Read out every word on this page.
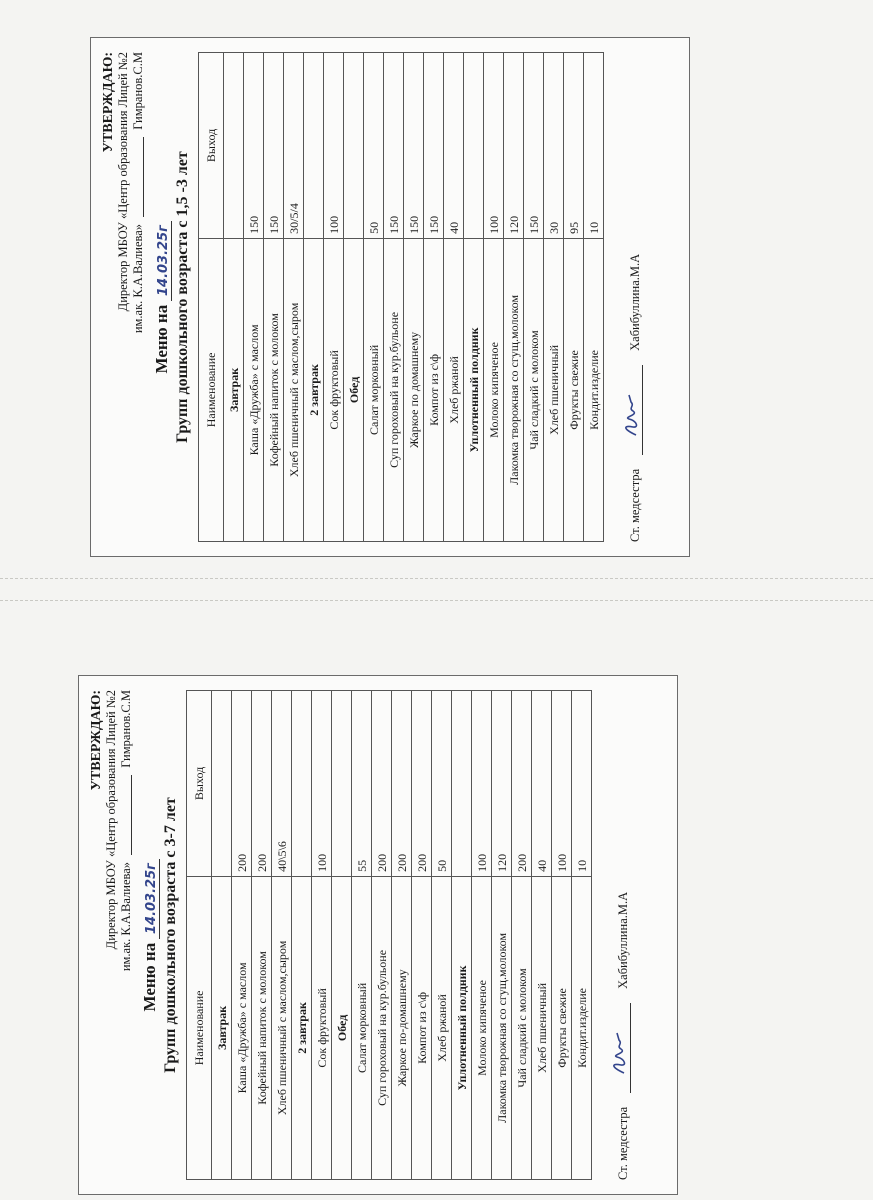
УТВЕРЖДАЮ: Директор МБОУ «Центр образования Лицей №2 им.ак. К.А.Валиева»  Гимранов.С.М
Меню на 14.03.25г Групп дошкольного возраста с 1,5 -3 лет Наименование	Выход
Завтрак	
Каша «Дружба» с маслом	150
Кофейный напиток с молоком	150
Хлеб пшеничный с маслом,сыром	30/5/4
2 завтрак	
Сок фруктовый	100
Обед	
Салат морковный	50
Суп гороховый на кур.бульоне	150
Жаркое по домашнему	150
Компот из с\ф	150
Хлеб ржаной	40
Уплотненный полдник	
Молоко кипяченое	100
Лакомка творожная со сгущ.молоком	120
Чай сладкий с молоком	150
Хлеб пшеничный	30
Фрукты свежие	95
Кондит.изделие	10
Ст. медсестра
Хабибуллина.М.А
УТВЕРЖДАЮ: Директор МБОУ «Центр образования Лицей №2 им.ак. К.А.Валиева»  Гимранов.С.М
Меню на 14.03.25г Групп дошкольного возраста с 3-7 лет Наименование	Выход
Завтрак	
Каша «Дружба» с маслом	200
Кофейный напиток с молоком	200
Хлеб пшеничный с маслом,сыром	40\5\6
2 завтрак	
Сок фруктовый	100
Обед	
Салат морковный	55
Суп гороховый на кур.бульоне	200
Жаркое по-домашнему	200
Компот из с\ф	200
Хлеб ржаной	50
Уплотненный полдник	
Молоко кипяченое	100
Лакомка творожная со сгущ.молоком	120
Чай сладкий с молоком	200
Хлеб пшеничный	40
Фрукты свежие	100
Кондит.изделие	10
Ст. медсестра
Хабибуллина.М.А
